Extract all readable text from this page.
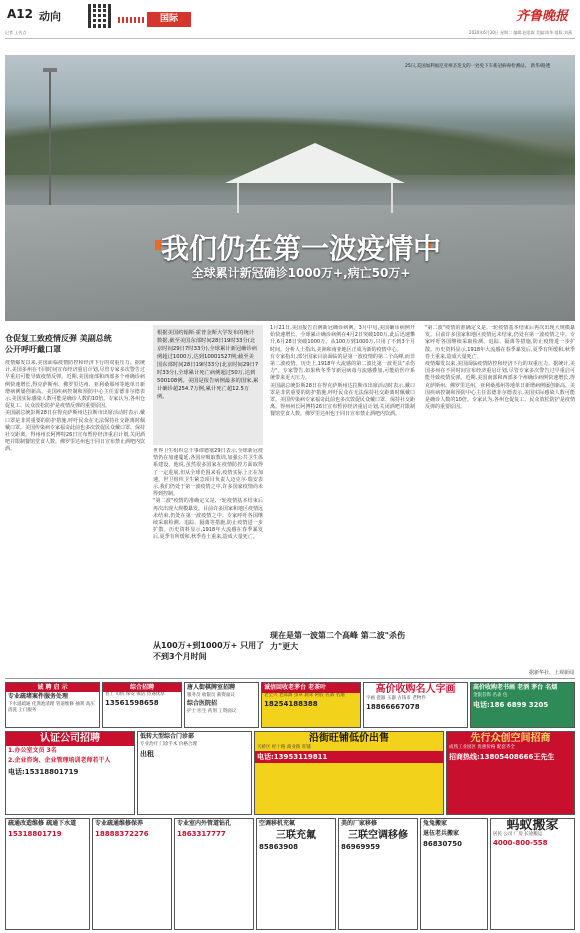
A12 动向	国际	齐鲁晚报
记者 上苦点	2020年6月30日 星期二 编辑:赵思霖 美编:陈华 组版:刘燕
25日,美国加利福尼亚州圣迭戈的一处免下车新冠病毒检测站。 新华/路透
我们仍在第一波疫情中
全球累计新冠确诊1000万+,病亡50万+
仓促复工致疫情反弹 美副总统公开呼吁戴口罩
疫情爆发以来,美国面临疫情防控和经济下行的双重压力。据统计,美国多州在不同时间宣布经济重启计划,尽管专家多次警告过早重启可能导致疫情反弹。近期,美国南部和西部多个州确诊病例快速增长,得克萨斯州、佛罗里达州、亚利桑那州等地单日新增病例屡创新高。美国疾病控制和预防中心主任雷德菲尔德表示,美国实际感染人数可能是确诊人数的10倍。专家认为,各州仓促复工、民众放松防护是疫情反弹的重要原因。
美国副总统彭斯28日在得克萨斯州达拉斯市出席活动时表示,戴口罩是非常重要的防护措施,呼吁民众在无法保持社交距离时佩戴口罩。美国传染病专家福奇此前也多次敦促民众戴口罩、保持社交距离。得州州长阿博特26日宣布暂停经济重启计划,关闭酒吧并限制餐馆堂食人数。佛罗里达州也于同日宣布禁止酒吧内饮酒。
根据美国约翰斯·霍普金斯大学发布的统计数据,截至美国东部时间28日19时33分(北京时间29日7时33分),全球累计新冠确诊病例超过1000万,达到10001527例;截至美国东部时间28日19时33分(北京时间29日7时33分),全球累计死亡病例超过50万,达到500108例。美国是报告病例最多的国家,累计确诊超254.7万例,累计死亡超12.5万例。
世界卫生组织总干事谭德塞29日表示,全球新冠疫情仍在加速蔓延,各国应吸取教训,加强公共卫生体系建设。他说,虽然很多国家在疫情防控方面取得了一定进展,但从全球范围来看,疫情实际上正在加速。世卫组织卫生紧急项目负责人迈克尔·瑞安表示,我们仍处于第一波疫情之中,许多国家疫情尚未得到控制。
"第二波"疫情的准确定义是,一轮疫情基本结束后再次出现大规模暴发。目前许多国家和地区疫情远未结束,仍处在第一波疫情之中。专家呼吁各国继续采取检测、追踪、隔离等措施,防止疫情进一步扩散。历史资料显示,1918年大流感在春季暴发后,夏季有所缓和,秋季卷土重来,造成大量死亡。
从100万+到1000万+ 只用了不到3个月时间
1月21日,美国报告首例新冠确诊病例。3月中旬,美国确诊病例开始快速增长。全球累计确诊病例在4月2日突破100万,此后迅速攀升,6月28日突破1000万。从100万到1000万,只用了不到3个月时间。分析人士指出,美洲和南亚地区正成为新的疫情中心。
有专家指出,部分国家目前面临的是第一波疫情的第二个高峰,而非第二波疫情。历史上,1918年大流感的第二波比第一波更具"杀伤力"。专家警告,如果秋冬季节新冠病毒与流感叠加,可能给医疗系统带来更大压力。
美国副总统彭斯28日在得克萨斯州达拉斯市出席活动时表示,戴口罩是非常重要的防护措施,呼吁民众在无法保持社交距离时佩戴口罩。美国传染病专家福奇此前也多次敦促民众戴口罩、保持社交距离。得州州长阿博特26日宣布暂停经济重启计划,关闭酒吧并限制餐馆堂食人数。佛罗里达州也于同日宣布禁止酒吧内饮酒。
现在是第一波第二个高峰 第二波"杀伤力"更大
"第二波"疫情的准确定义是,一轮疫情基本结束后再次出现大规模暴发。目前许多国家和地区疫情远未结束,仍处在第一波疫情之中。专家呼吁各国继续采取检测、追踪、隔离等措施,防止疫情进一步扩散。历史资料显示,1918年大流感在春季暴发后,夏季有所缓和,秋季卷土重来,造成大量死亡。
疫情爆发以来,美国面临疫情防控和经济下行的双重压力。据统计,美国多州在不同时间宣布经济重启计划,尽管专家多次警告过早重启可能导致疫情反弹。近期,美国南部和西部多个州确诊病例快速增长,得克萨斯州、佛罗里达州、亚利桑那州等地单日新增病例屡创新高。美国疾病控制和预防中心主任雷德菲尔德表示,美国实际感染人数可能是确诊人数的10倍。专家认为,各州仓促复工、民众放松防护是疫情反弹的重要原因。
据新华社、上观新闻
诚 聘 启 示
专业疏堵案件服务处理
下水道疏通 化粪池清理 管道维修 抽粪 高压清洗 上门服务
综合招聘
普工 司机 保安 保洁 待遇优厚
13561598658
唐人街棋牌室招聘
服务员 收银员 薪资面议
综合医院招
护士 医生 药剂 工资面议
诚信回收老茅台 老茶叶
老全兴 老郎酒 虫草 鹿茸 阿胶 名酒 名烟
18254188388
高价收购名人字画
字画 瓷器 玉器 古钱币 老物件
18866667078
高价收购老书画 老酒 茅台 名烟
金银首饰 名表 包
电话:186 6899 3205
认证公司招聘
1.办公室文员 3名
2.企业咨询、企业管理培训老师若干人
电话:15318801719
低转大型综合门诊部
专业治疗 门诊手术 价格合理
出租
沿街旺铺低价出售
天桥区 经十路 商业街 旺铺
电话:13953119811
先行众创空间招商
成熟工业园区 优惠价格 配套齐全
招商热线:13805408666王先生
疏通改造维修 疏通下水道
15318801719
专业疏通维修保养
18888372276
专业室内外管道钻孔
1863317777
空调移机充氟
三联充氟
85863908
美的厂家移修
三联空调移修
86969959
兔兔搬家
退伍老兵搬家
86830750
蚂蚁搬家
居民 公司 厂房 长途搬运
4000-800-558
